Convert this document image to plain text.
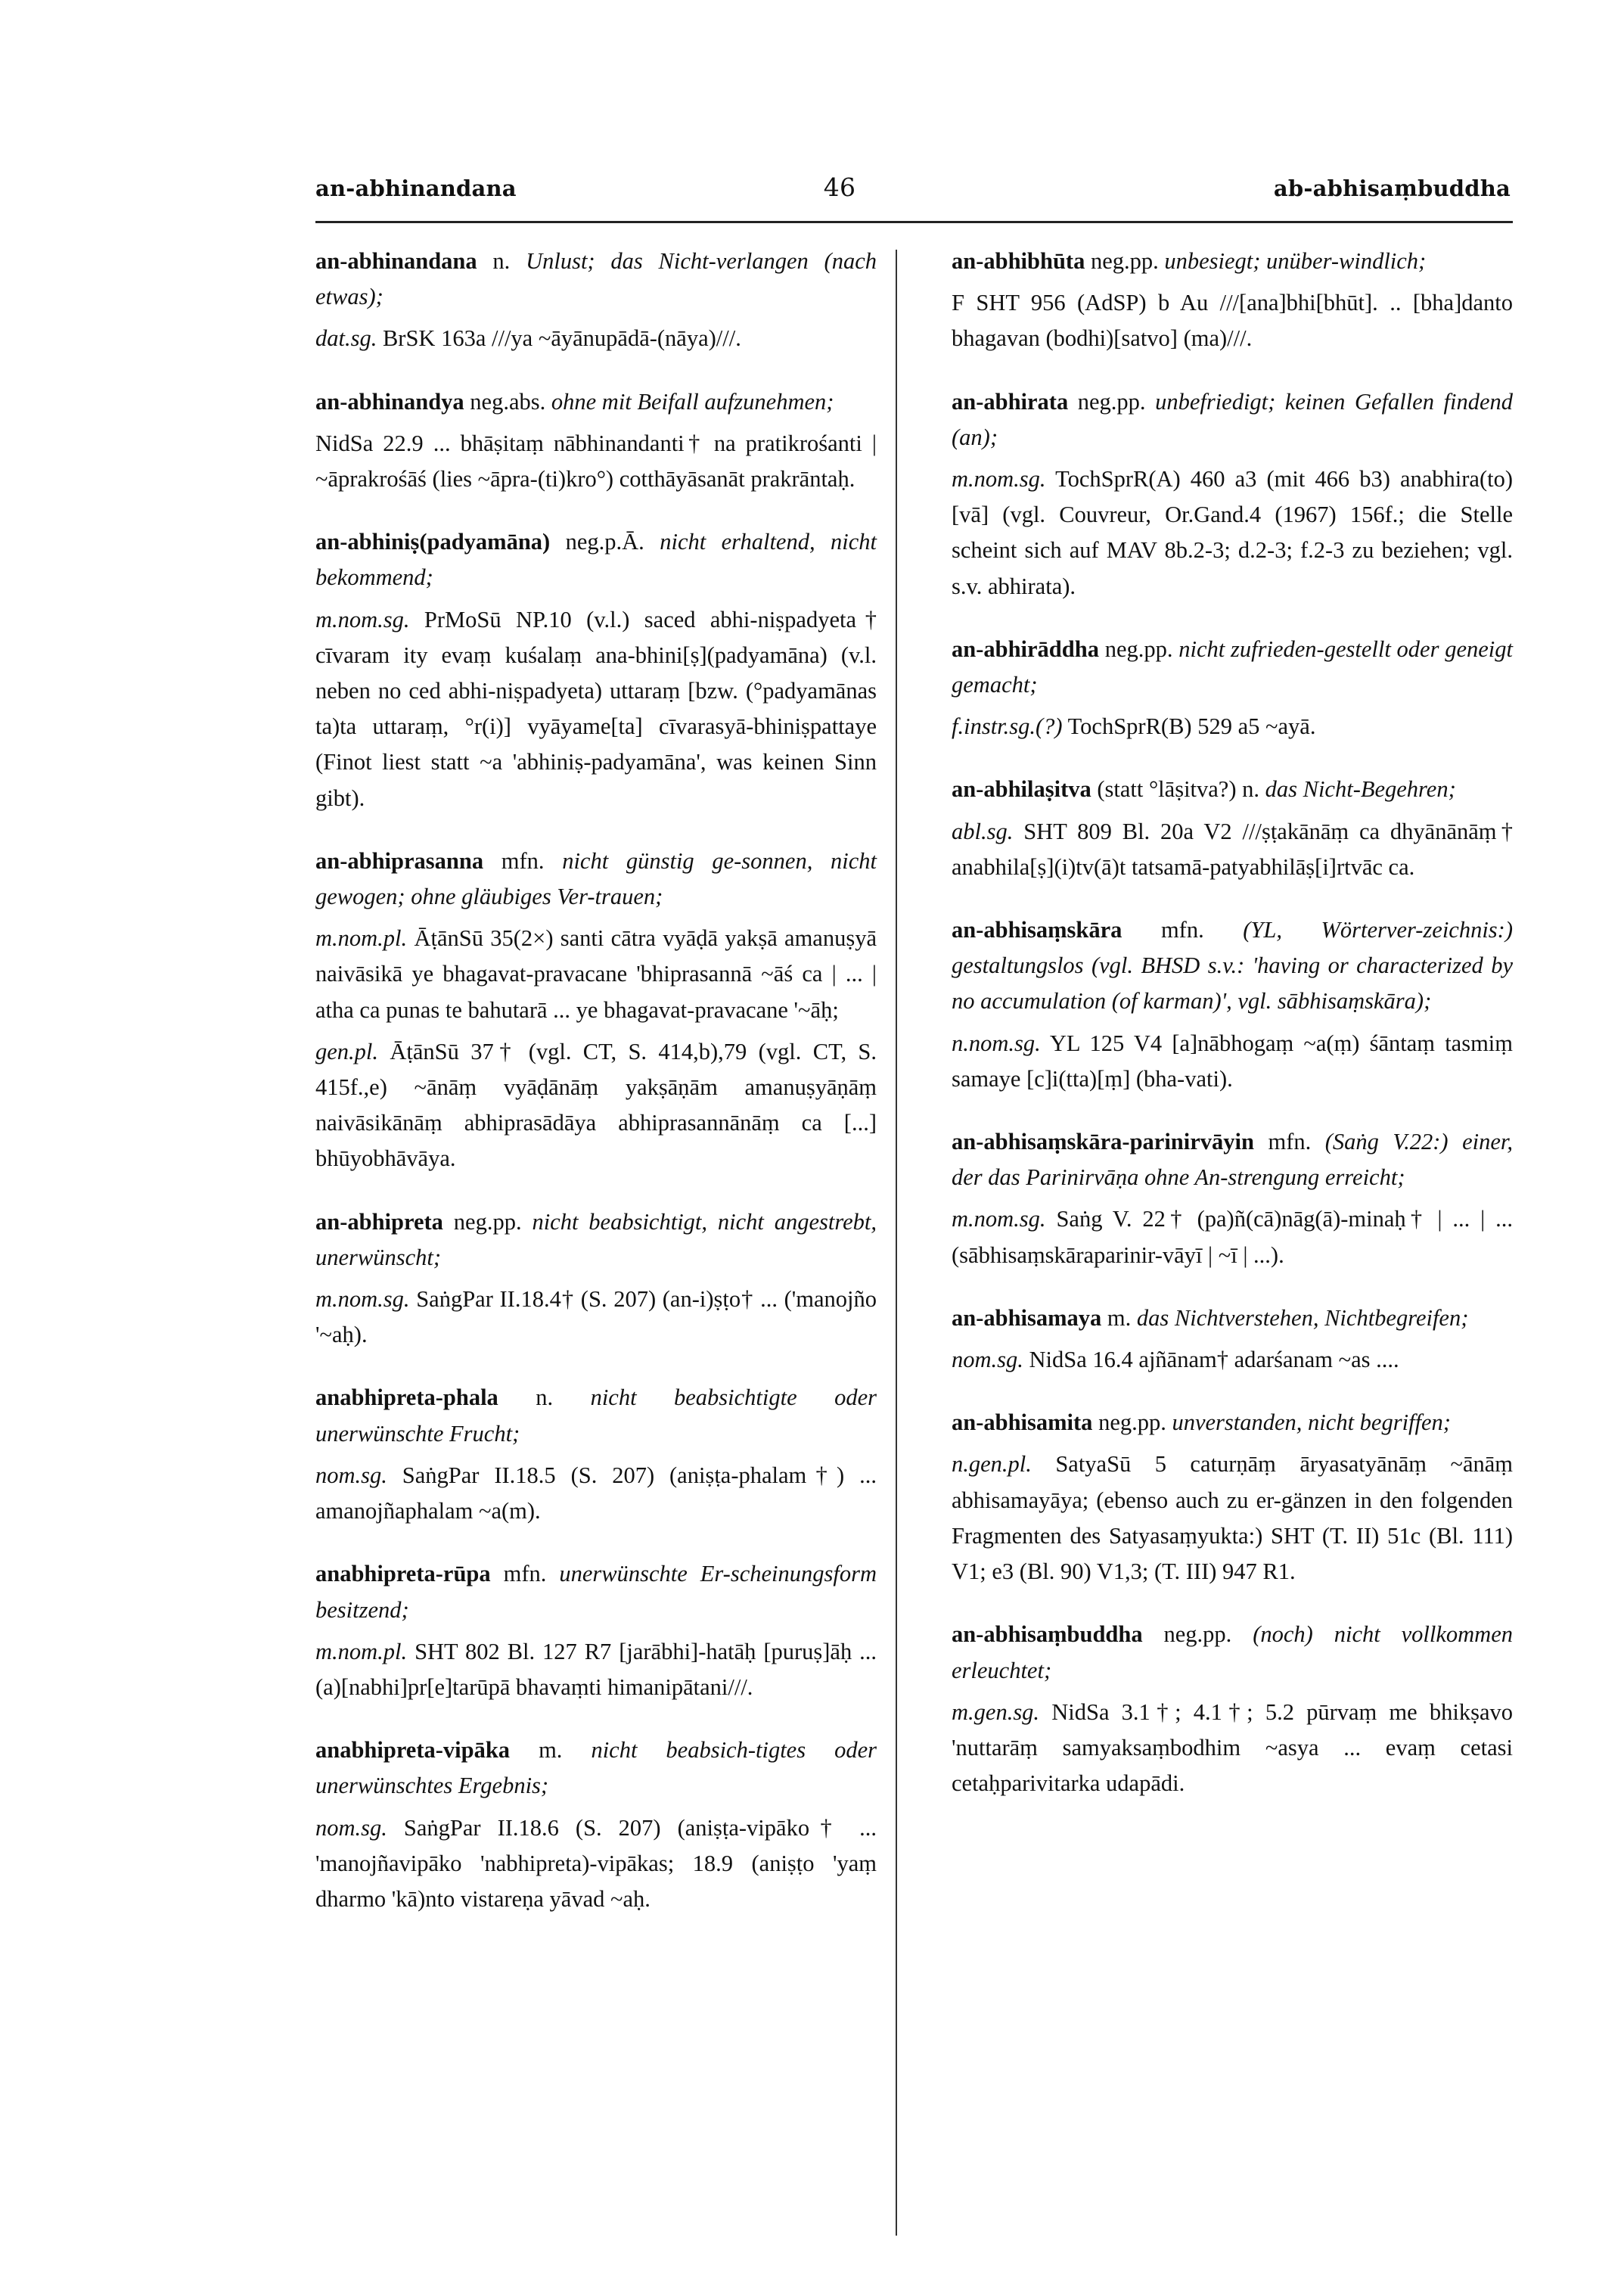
an-abhinandana	46	ab-abhisaṃbuddha

an-abhinandana n. Unlust; das Nicht-verlangen (nach etwas);

dat.sg. BrSK 163a ///ya ~āyānupādā-(nāya)///.

an-abhinandya neg.abs. ohne mit Beifall aufzunehmen;

NidSa 22.9 ... bhāṣitaṃ nābhinandanti† na pratikrośanti | ~āprakrośāś (lies ~āpra-(ti)kro°) cotthāyāsanāt prakrāntaḥ.

an-abhiniṣ(padyamāna) neg.p.Ā. nicht erhaltend, nicht bekommend;

m.nom.sg. PrMoSū NP.10 (v.l.) saced abhi-niṣpadyeta† cīvaram ity evaṃ kuśalaṃ ana-bhini[ṣ](padyamāna) (v.l. neben no ced abhi-niṣpadyeta) uttaraṃ [bzw. (°padyamānas ta)ta uttaraṃ, °r(i)] vyāyame[ta] cīvarasyā-bhiniṣpattaye (Finot liest statt ~a 'abhiniṣ-padyamāna', was keinen Sinn gibt).

an-abhiprasanna mfn. nicht günstig ge-sonnen, nicht gewogen; ohne gläubiges Ver-trauen;

m.nom.pl. ĀṭānSū 35(2×) santi cātra vyāḍā yakṣā amanuṣyā naivāsikā ye bhagavat-pravacane 'bhiprasannā ~āś ca | ... | atha ca punas te bahutarā ... ye bhagavat-pravacane '~āḥ;

gen.pl. ĀṭānSū 37† (vgl. CT, S. 414,b),79 (vgl. CT, S. 415f.,e) ~ānāṃ vyāḍānāṃ yakṣāṇām amanuṣyāṇāṃ naivāsikānāṃ abhiprasādāya abhiprasannānāṃ ca [...] bhūyobhāvāya.

an-abhipreta neg.pp. nicht beabsichtigt, nicht angestrebt, unerwünscht;

m.nom.sg. SaṅgPar II.18.4† (S. 207) (an-i)ṣṭo† ... ('manojño '~aḥ).

anabhipreta-phala n. nicht beabsichtigte oder unerwünschte Frucht;

nom.sg. SaṅgPar II.18.5 (S. 207) (aniṣṭa-phalam†) ... amanojñaphalam ~a(m).

anabhipreta-rūpa mfn. unerwünschte Er-scheinungsform besitzend;

m.nom.pl. SHT 802 Bl. 127 R7 [jarābhi]-hatāḥ [puruṣ]āḥ ... (a)[nabhi]pr[e]tarūpā bhavaṃti himanipātani///.

anabhipreta-vipāka m. nicht beabsich-tigtes oder unerwünschtes Ergebnis;

nom.sg. SaṅgPar II.18.6 (S. 207) (aniṣṭa-vipāko† ... 'manojñavipāko 'nabhipreta)-vipākas; 18.9 (aniṣṭo 'yaṃ dharmo 'kā)nto vistareṇa yāvad ~aḥ.

an-abhibhūta neg.pp. unbesiegt; unüber-windlich;

F SHT 956 (AdSP) b Au ///[ana]bhi[bhūt]. .. [bha]danto bhagavan (bodhi)[satvo] (ma)///.

an-abhirata neg.pp. unbefriedigt; keinen Gefallen findend (an);

m.nom.sg. TochSprR(A) 460 a3 (mit 466 b3) anabhira(to) [vā] (vgl. Couvreur, Or.Gand.4 (1967) 156f.; die Stelle scheint sich auf MAV 8b.2-3; d.2-3; f.2-3 zu beziehen; vgl. s.v. abhirata).

an-abhirāddha neg.pp. nicht zufrieden-gestellt oder geneigt gemacht;

f.instr.sg.(?) TochSprR(B) 529 a5 ~ayā.

an-abhilaṣitva (statt °lāṣitva?) n. das Nicht-Begehren;

abl.sg. SHT 809 Bl. 20a V2 ///ṣṭakānāṃ ca dhyānānāṃ† anabhila[ṣ](i)tv(ā)t tatsamā-patyabhilāṣ[i]rtvāc ca.

an-abhisaṃskāra mfn. (YL, Wörterver-zeichnis:) gestaltungslos (vgl. BHSD s.v.: 'having or characterized by no accumulation (of karman)', vgl. sābhisaṃskāra);

n.nom.sg. YL 125 V4 [a]nābhogaṃ ~a(ṃ) śāntaṃ tasmiṃ samaye [c]i(tta)[ṃ] (bha-vati).

an-abhisaṃskāra-parinirvāyin mfn. (Saṅg V.22:) einer, der das Parinirvāṇa ohne An-strengung erreicht;

m.nom.sg. Saṅg V. 22† (pa)ñ(cā)nāg(ā)-minaḥ† | ... | ... (sābhisaṃskāraparinir-vāyī | ~ī | ...).

an-abhisamaya m. das Nichtverstehen, Nichtbegreifen;

nom.sg. NidSa 16.4 ajñānam† adarśanam ~as ....

an-abhisamita neg.pp. unverstanden, nicht begriffen;

n.gen.pl. SatyaSū 5 caturṇāṃ āryasatyānāṃ ~ānāṃ abhisamayāya; (ebenso auch zu er-gänzen in den folgenden Fragmenten des Satyasaṃyukta:) SHT (T. II) 51c (Bl. 111) V1; e3 (Bl. 90) V1,3; (T. III) 947 R1.

an-abhisaṃbuddha neg.pp. (noch) nicht vollkommen erleuchtet;

m.gen.sg. NidSa 3.1†; 4.1†; 5.2 pūrvaṃ me bhikṣavo 'nuttarāṃ samyaksaṃbodhim ~asya ... evaṃ cetasi cetaḥparivitarka udapādi.
